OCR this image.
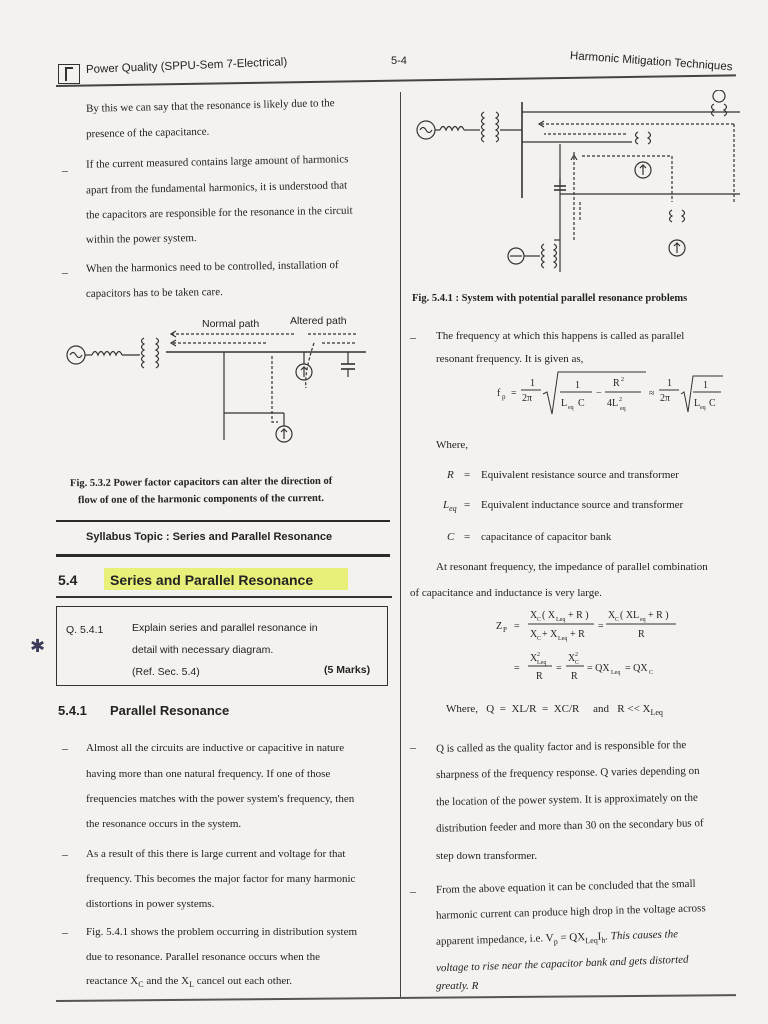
Power Quality (SPPU-Sem 7-Electrical)	5-4	Harmonic Mitigation Techniques
By this we can say that the resonance is likely due to the
presence of the capacitance.
– If the current measured contains large amount of harmonics
apart from the fundamental harmonics, it is understood that
the capacitors are responsible for the resonance in the circuit
within the power system.
– When the harmonics need to be controlled, installation of
capacitors has to be taken care.
Normal path	Altered path
Fig. 5.3.2 Power factor capacitors can alter the direction of
flow of one of the harmonic components of the current.
Syllabus Topic : Series and Parallel Resonance
5.4 Series and Parallel Resonance
✱
Q. 5.4.1	Explain series and parallel resonance in
detail with necessary diagram.
(Ref. Sec. 5.4)	(5 Marks)
5.4.1 Parallel Resonance
– Almost all the circuits are inductive or capacitive in nature
having more than one natural frequency. If one of those
frequencies matches with the power system's frequency, then
the resonance occurs in the system.
– As a result of this there is large current and voltage for that
frequency. This becomes the major factor for many harmonic
distortions in power systems.
– Fig. 5.4.1 shows the problem occurring in distribution system
due to resonance. Parallel resonance occurs when the
reactance $X_C$ and the $X_L$ cancel out each other.
Fig. 5.4.1 : System with potential parallel resonance problems
– The frequency at which this happens is called as parallel
resonant frequency. It is given as,
f p =
1
2π
1
L eq C
−
R 2
4L 2
eq
≈
1
2π
1
L eq C
Where,
R = Equivalent resistance source and transformer
$L_{eq}$ = Equivalent inductance source and transformer
C = capacitance of capacitor bank
At resonant frequency, the impedance of parallel combination
of capacitance and inductance is very large.
Z P =
X C ( X Leq + R )
X C + X Leq + R
=
X C ( XL eq + R )
R
=
X 2
Leq
R
=
X 2
C
R
= QX Leq = QX C
Where,   Q  =  XL/R  =  XC/R     and   $R << X_{Leq}$
– Q is called as the quality factor and is responsible for the
sharpness of the frequency response. Q varies depending on
the location of the power system. It is approximately on the
distribution feeder and more than 30 on the secondary bus of
step down transformer.
– From the above equation it can be concluded that the small
harmonic current can produce high drop in the voltage across
apparent impedance, i.e. $V_p = QX_{Leq}I_h$. This causes the
voltage to rise near the capacitor bank and gets distorted
greatly. R
